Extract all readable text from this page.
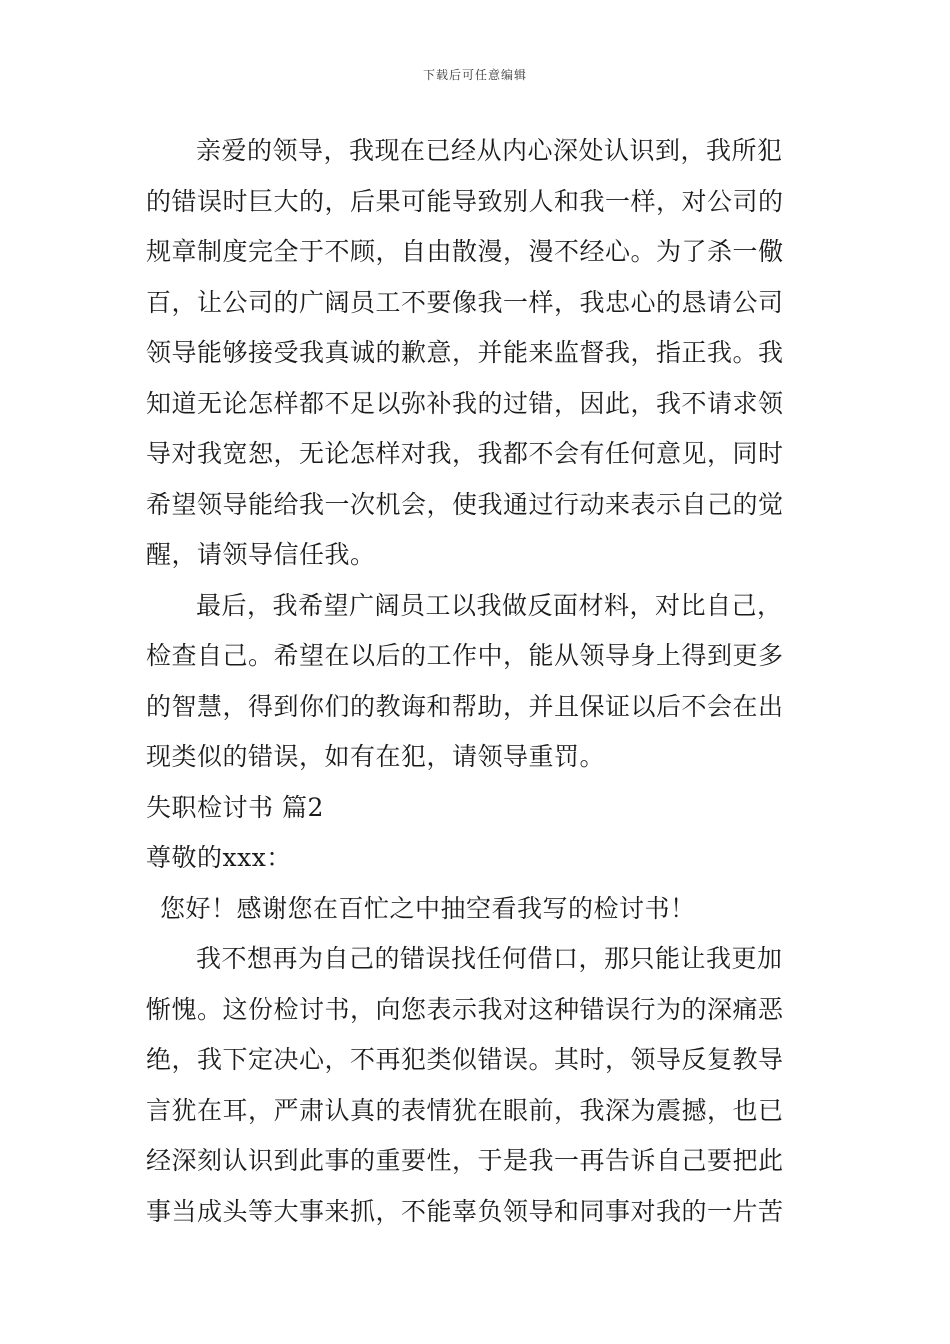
下载后可任意编辑
亲爱的领导，我现在已经从内心深处认识到，我所犯
的错误时巨大的，后果可能导致别人和我一样，对公司的
规章制度完全于不顾，自由散漫，漫不经心。为了杀一儆
百，让公司的广阔员工不要像我一样，我忠心的恳请公司
领导能够接受我真诚的歉意，并能来监督我，指正我。我
知道无论怎样都不足以弥补我的过错，因此，我不请求领
导对我宽恕，无论怎样对我，我都不会有任何意见，同时
希望领导能给我一次机会，使我通过行动来表示自己的觉
醒，请领导信任我。
最后，我希望广阔员工以我做反面材料，对比自己，
检查自己。希望在以后的工作中，能从领导身上得到更多
的智慧，得到你们的教诲和帮助，并且保证以后不会在出
现类似的错误，如有在犯，请领导重罚。
失职检讨书 篇2
尊敬的xxx：
您好！感谢您在百忙之中抽空看我写的检讨书！
我不想再为自己的错误找任何借口，那只能让我更加
惭愧。这份检讨书，向您表示我对这种错误行为的深痛恶
绝，我下定决心，不再犯类似错误。其时，领导反复教导
言犹在耳，严肃认真的表情犹在眼前，我深为震撼，也已
经深刻认识到此事的重要性，于是我一再告诉自己要把此
事当成头等大事来抓，不能辜负领导和同事对我的一片苦
